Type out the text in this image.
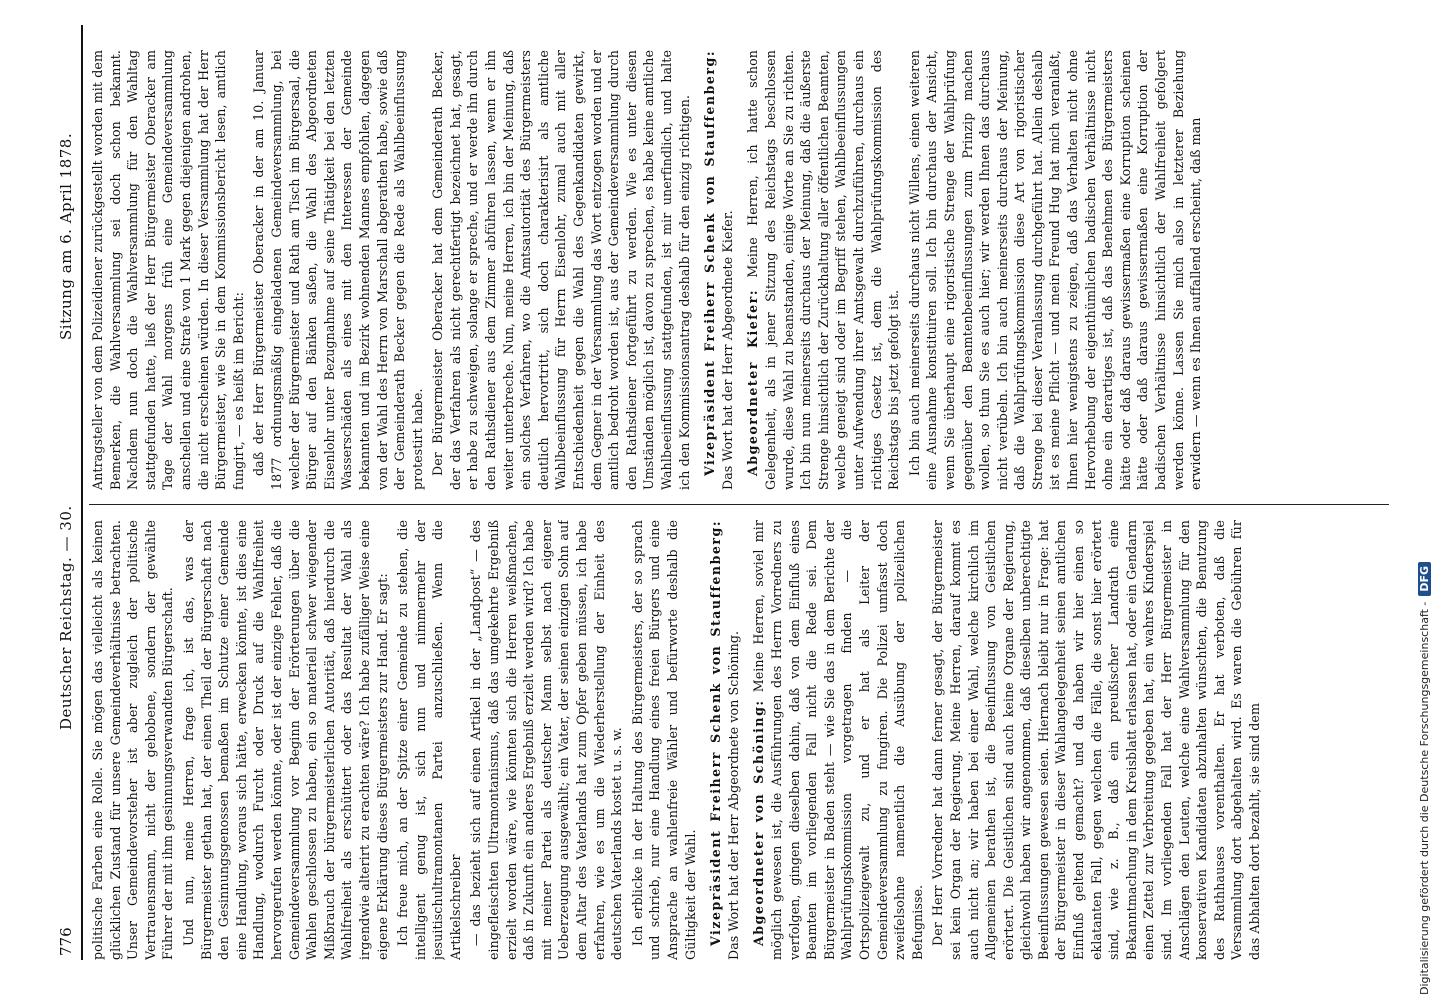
776
Deutscher Reichstag. — 30.
Sitzung am 6. April 1878.

politische Farben eine Rolle. Sie mögen das vielleicht als keinen glücklichen Zustand für unsere Gemeindeverhältnisse betrachten. Unser Gemeindevorsteher ist aber zugleich der politische Vertrauensmann, nicht der gehobene, sondern der gewählte Führer der mit ihm gesinnungsverwandten Bürgerschaft. Und nun, meine Herren, frage ich, ist das, was der Bürgermeister gethan hat, der einen Theil der Bürgerschaft nach den Gesinnungsgenossen bemaßen im Schutze einer Gemeinde eine Handlung, woraus sich hätte, erwecken könnte, ist dies eine Handlung, wodurch Furcht oder Druck auf die Wahlfreiheit hervorgerufen werden könnte, oder ist der einzige Fehler, daß die Gemeindeversammlung vor Beginn der Erörterungen über die Wahlen geschlossen zu haben, ein so materiell schwer wiegender Mißbrauch der bürgermeisterlichen Autorität, daß hierdurch die Wahlfreiheit als erschüttert oder das Resultat der Wahl als irgendwie alterirt zu erachten wäre? Ich habe zufälliger Weise eine eigene Erklärung dieses Bürgermeisters zur Hand. Er sagt: Ich freue mich, an der Spitze einer Gemeinde zu stehen, die intelligent genug ist, sich nun und nimmermehr der jesuitischultramontanen Partei anzuschließen. Wenn die Artikelschreiber — das bezieht sich auf einen Artikel in der „Landpost“ — des eingefleischten Ultramontanismus, daß das umgekehrte Ergebniß erzielt worden wäre, wie könnten sich die Herren weißmachen, daß in Zukunft ein anderes Ergebniß erzielt werden wird? Ich habe mit meiner Partei als deutscher Mann selbst nach eigener Ueberzeugung ausgewählt; ein Vater, der seinen einzigen Sohn auf dem Altar des Vaterlands hat zum Opfer geben müssen, ich habe erfahren, wie es um die Wiederherstellung der Einheit des deutschen Vaterlands kostet u. s. w. Ich erblicke in der Haltung des Bürgermeisters, der so sprach und schrieb, nur eine Handlung eines freien Bürgers und eine Ansprache an wahlenfreie Wähler und befürworte deshalb die Gültigkeit der Wahl. Vizepräsident Freiherr Schenk von Stauffenberg: Das Wort hat der Herr Abgeordnete von Schöning. Abgeordneter von Schöning: Meine Herren, soviel mir möglich gewesen ist, die Ausführungen des Herrn Vorredners zu verfolgen, gingen dieselben dahin, daß von dem Einfluß eines Beamten im vorliegenden Fall nicht die Rede sei. Dem Bürgermeister in Baden steht — wie Sie das in dem Berichte der Wahlprüfungskommission vorgetragen finden — die Ortspolizeigewalt zu, und er hat als Leiter der Gemeindeversammlung zu fungiren. Die Polizei umfasst doch zweifelsohne namentlich die Ausübung der polizeilichen Befugnisse. Der Herr Vorredner hat dann ferner gesagt, der Bürgermeister sei kein Organ der Regierung. Meine Herren, darauf kommt es auch nicht an; wir haben bei einer Wahl, welche kirchlich im Allgemeinen berathen ist, die Beeinflussung von Geistlichen erörtert. Die Geistlichen sind auch keine Organe der Regierung, gleichwohl haben wir angenommen, daß dieselben unberechtigte Beeinflussungen gewesen seien. Hiernach bleibt nur in Frage: hat der Bürgermeister in dieser Wahlangelegenheit seinen amtlichen Einfluß geltend gemacht? und da haben wir hier einen so eklatanten Fall, gegen welchen die Fälle, die sonst hier erörtert sind, wie z. B., daß ein preußischer Landrath eine Bekanntmachung in dem Kreisblatt erlassen hat, oder ein Gendarm einen Zettel zur Verbreitung gegeben hat, ein wahres Kinderspiel sind. Im vorliegenden Fall hat der Herr Bürgermeister in Anschlägen den Leuten, welche eine Wahlversammlung für den konservativen Kandidaten abzuhalten wünschten, die Benutzung des Rathhauses vorenthalten. Er hat verboten, daß die Versammlung dort abgehalten wird. Es waren die Gebühren für das Abhalten dort bezahlt, sie sind dem

Antragsteller von dem Polizeidiener zurückgestellt worden mit dem Bemerken, die Wahlversammlung sei doch schon bekannt. Nachdem nun doch die Wahlversammlung für den Wahltag stattgefunden hatte, ließ der Herr Bürgermeister Oberacker am Tage der Wahl morgens früh eine Gemeindeversammlung anschellen und eine Strafe von 1 Mark gegen diejenigen androhen, die nicht erscheinen würden. In dieser Versammlung hat der Herr Bürgermeister, wie Sie in dem Kommissionsbericht lesen, amtlich fungirt, — es heißt im Bericht: daß der Herr Bürgermeister Oberacker in der am 10. Januar 1877 ordnungsmäßig eingeladenen Gemeindeversammlung, bei welcher der Bürgermeister und Rath am Tisch im Bürgersaal, die Bürger auf den Bänken saßen, die Wahl des Abgeordneten Eisenlohr unter Bezugnahme auf seine Thätigkeit bei den letzten Wasserschäden als eines mit den Interessen der Gemeinde bekannten und im Bezirk wohnenden Mannes empfohlen, dagegen von der Wahl des Herrn von Marschall abgerathen habe, sowie daß der Gemeinderath Becker gegen die Rede als Wahlbeeinflussung protestirt habe. Der Bürgermeister Oberacker hat dem Gemeinderath Becker, der das Verfahren als nicht gerechtfertigt bezeichnet hat, gesagt, er habe zu schweigen, solange er spreche, und er werde ihn durch den Rathsdiener aus dem Zimmer abführen lassen, wenn er ihn weiter unterbreche. Nun, meine Herren, ich bin der Meinung, daß ein solches Verfahren, wo die Amtsautorität des Bürgermeisters deutlich hervortritt, sich doch charakterisirt als amtliche Wahlbeeinflussung für Herrn Eisenlohr, zumal auch mit aller Entschiedenheit gegen die Wahl des Gegenkandidaten gewirkt, dem Gegner in der Versammlung das Wort entzogen worden und er amtlich bedroht worden ist, aus der Gemeindeversammlung durch den Rathsdiener fortgeführt zu werden. Wie es unter diesen Umständen möglich ist, davon zu sprechen, es habe keine amtliche Wahlbeeinflussung stattgefunden, ist mir unerfindlich, und halte ich den Kommissionsantrag deshalb für den einzig richtigen. Vizepräsident Freiherr Schenk von Stauffenberg: Das Wort hat der Herr Abgeordnete Kiefer. Abgeordneter Kiefer: Meine Herren, ich hatte schon Gelegenheit, als in jener Sitzung des Reichstags beschlossen wurde, diese Wahl zu beanstanden, einige Worte an Sie zu richten. Ich bin nun meinerseits durchaus der Meinung, daß die äußerste Strenge hinsichtlich der Zurückhaltung aller öffentlichen Beamten, welche geneigt sind oder im Begriff stehen, Wahlbeeinflussungen unter Aufwendung ihrer Amtsgewalt durchzuführen, durchaus ein richtiges Gesetz ist, dem die Wahlprüfungskommission des Reichstags bis jetzt gefolgt ist. Ich bin auch meinerseits durchaus nicht Willens, einen weiteren eine Ausnahme konstituiren soll. Ich bin durchaus der Ansicht, wenn Sie überhaupt eine rigoristische Strenge der Wahlprüfung gegenüber den Beamtenbeeinflussungen zum Prinzip machen wollen, so thun Sie es auch hier; wir werden Ihnen das durchaus nicht verübeln. Ich bin auch meinerseits durchaus der Meinung, daß die Wahlprüfungskommission diese Art von rigoristischer Strenge bei dieser Veranlassung durchgeführt hat. Allein deshalb ist es meine Pflicht — und mein Freund Hug hat mich veranlaßt, Ihnen hier wenigstens zu zeigen, daß das Verhalten nicht ohne Hervorhebung der eigenthümlichen badischen Verhältnisse nicht ohne ein derartiges ist, daß das Benehmen des Bürgermeisters hätte oder daß daraus gewissermaßen eine Korruption scheinen hätte oder daß daraus gewissermaßen eine Korruption der badischen Verhältnisse hinsichtlich der Wahlfreiheit gefolgert werden könne. Lassen Sie mich also in letzterer Beziehung erwidern — wenn es Ihnen auffallend erscheint, daß man

Digitalisierung gefördert durch die Deutsche Forschungsgemeinschaft -DFG
